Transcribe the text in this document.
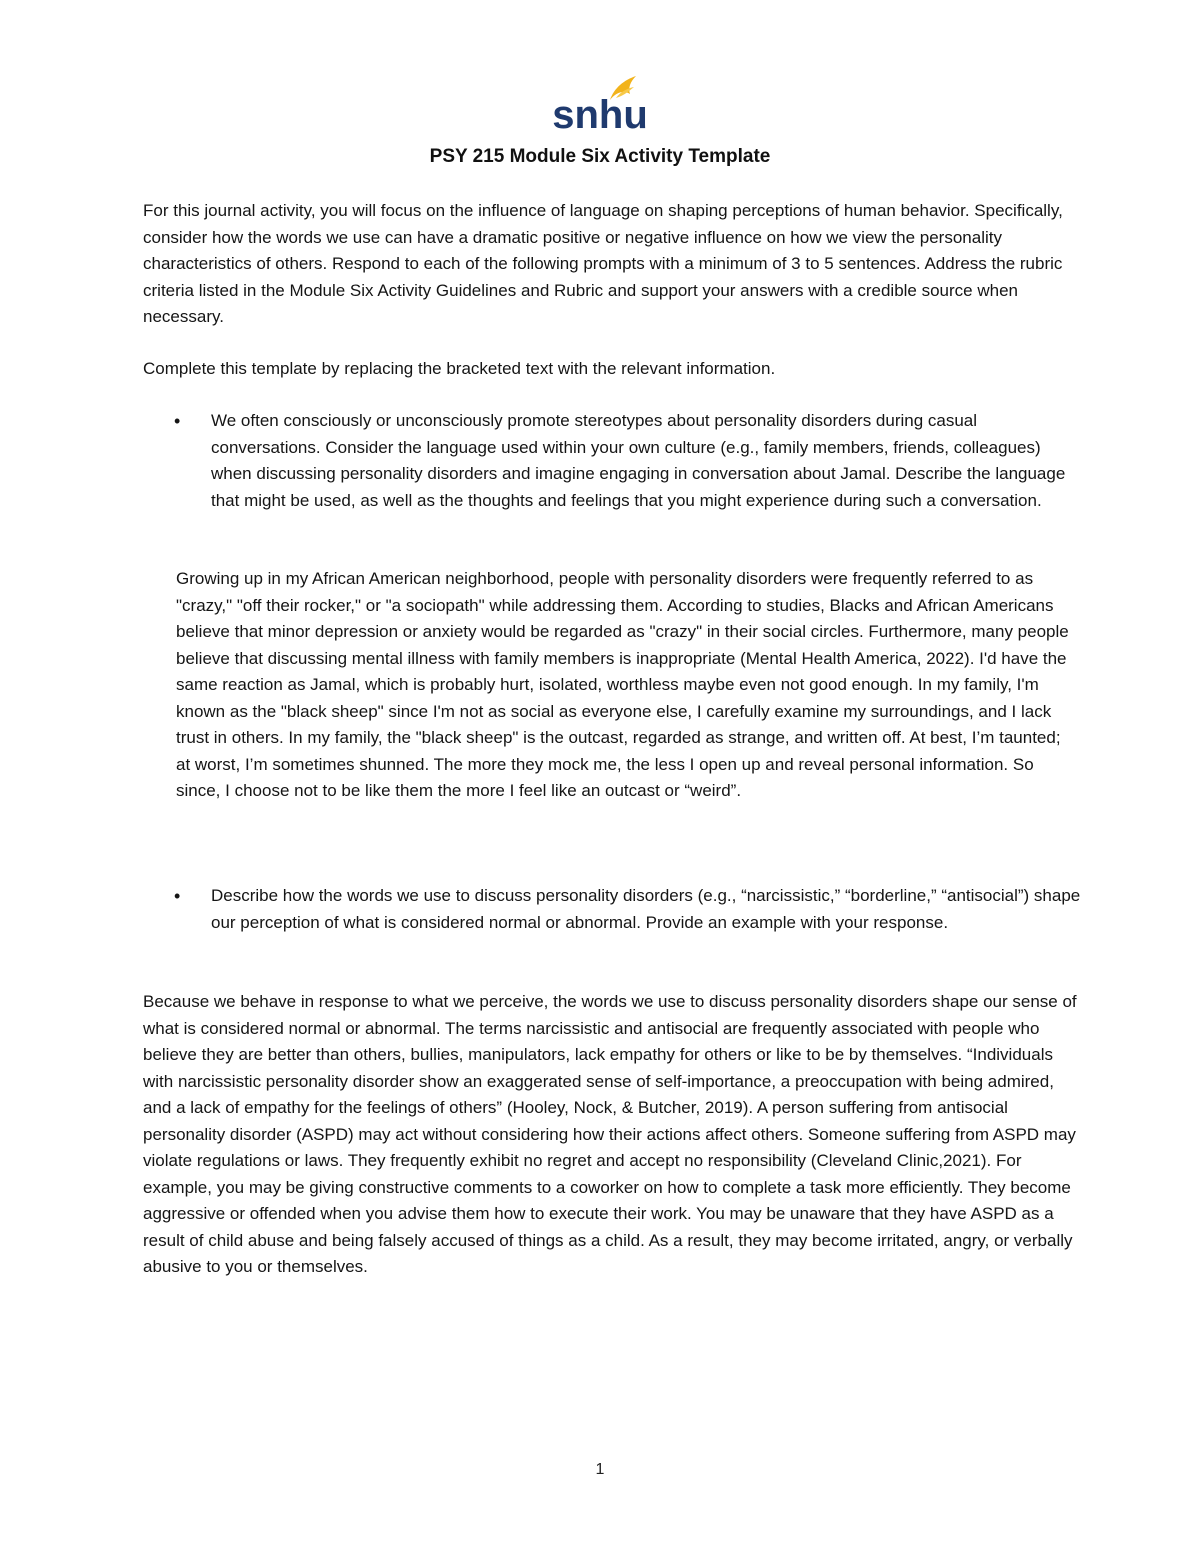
snhu
PSY 215 Module Six Activity Template
For this journal activity, you will focus on the influence of language on shaping perceptions of human behavior. Specifically, consider how the words we use can have a dramatic positive or negative influence on how we view the personality characteristics of others. Respond to each of the following prompts with a minimum of 3 to 5 sentences. Address the rubric criteria listed in the Module Six Activity Guidelines and Rubric and support your answers with a credible source when necessary.
Complete this template by replacing the bracketed text with the relevant information.
•	We often consciously or unconsciously promote stereotypes about personality disorders during casual conversations. Consider the language used within your own culture (e.g., family members, friends, colleagues) when discussing personality disorders and imagine engaging in conversation about Jamal. Describe the language that might be used, as well as the thoughts and feelings that you might experience during such a conversation.
Growing up in my African American neighborhood, people with personality disorders were frequently referred to as "crazy," "off their rocker," or "a sociopath" while addressing them. According to studies, Blacks and African Americans believe that minor depression or anxiety would be regarded as "crazy" in their social circles. Furthermore, many people believe that discussing mental illness with family members is inappropriate (Mental Health America, 2022). I'd have the same reaction as Jamal, which is probably hurt, isolated, worthless maybe even not good enough. In my family, I'm known as the "black sheep" since I'm not as social as everyone else, I carefully examine my surroundings, and I lack trust in others. In my family, the "black sheep" is the outcast, regarded as strange, and written off. At best, I’m taunted; at worst, I’m sometimes shunned. The more they mock me, the less I open up and reveal personal information. So since, I choose not to be like them the more I feel like an outcast or “weird”.
•	Describe how the words we use to discuss personality disorders (e.g., “narcissistic,” “borderline,” “antisocial”) shape our perception of what is considered normal or abnormal. Provide an example with your response.
Because we behave in response to what we perceive, the words we use to discuss personality disorders shape our sense of what is considered normal or abnormal. The terms narcissistic and antisocial are frequently associated with people who believe they are better than others, bullies, manipulators, lack empathy for others or like to be by themselves. “Individuals with narcissistic personality disorder show an exaggerated sense of self-importance, a preoccupation with being admired, and a lack of empathy for the feelings of others” (Hooley, Nock, & Butcher, 2019). A person suffering from antisocial personality disorder (ASPD) may act without considering how their actions affect others. Someone suffering from ASPD may violate regulations or laws. They frequently exhibit no regret and accept no responsibility (Cleveland Clinic,2021). For example, you may be giving constructive comments to a coworker on how to complete a task more efficiently. They become aggressive or offended when you advise them how to execute their work. You may be unaware that they have ASPD as a result of child abuse and being falsely accused of things as a child. As a result, they may become irritated, angry, or verbally abusive to you or themselves.
1
